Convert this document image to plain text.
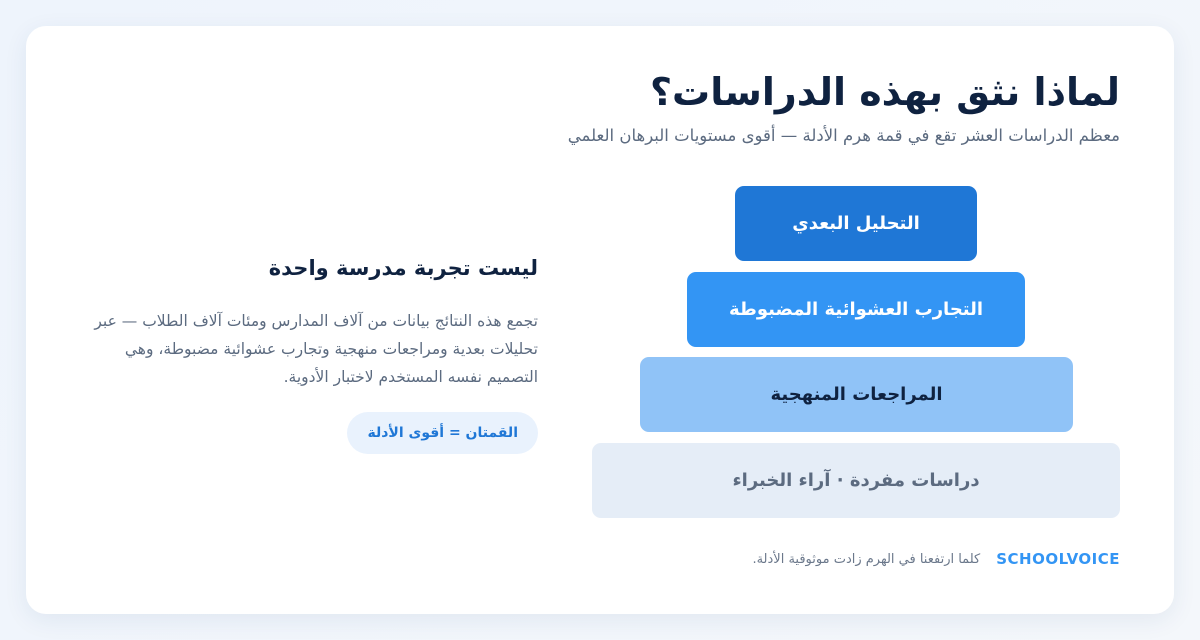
لماذا نثق بهذه الدراسات؟

معظم الدراسات العشر تقع في قمة هرم الأدلة — أقوى مستويات البرهان العلمي

التحليل البعدي
التجارب العشوائية المضبوطة
المراجعات المنهجية
دراسات مفردة · آراء الخبراء
ليست تجربة مدرسة واحدة

تجمع هذه النتائج بيانات من آلاف المدارس ومئات آلاف الطلاب — عبر تحليلات بعدية ومراجعات منهجية وتجارب عشوائية مضبوطة، وهي التصميم نفسه المستخدم لاختبار الأدوية.

القمتان = أقوى الأدلة
كلما ارتفعنا في الهرم زادت موثوقية الأدلة. SCHOOLVOICE
